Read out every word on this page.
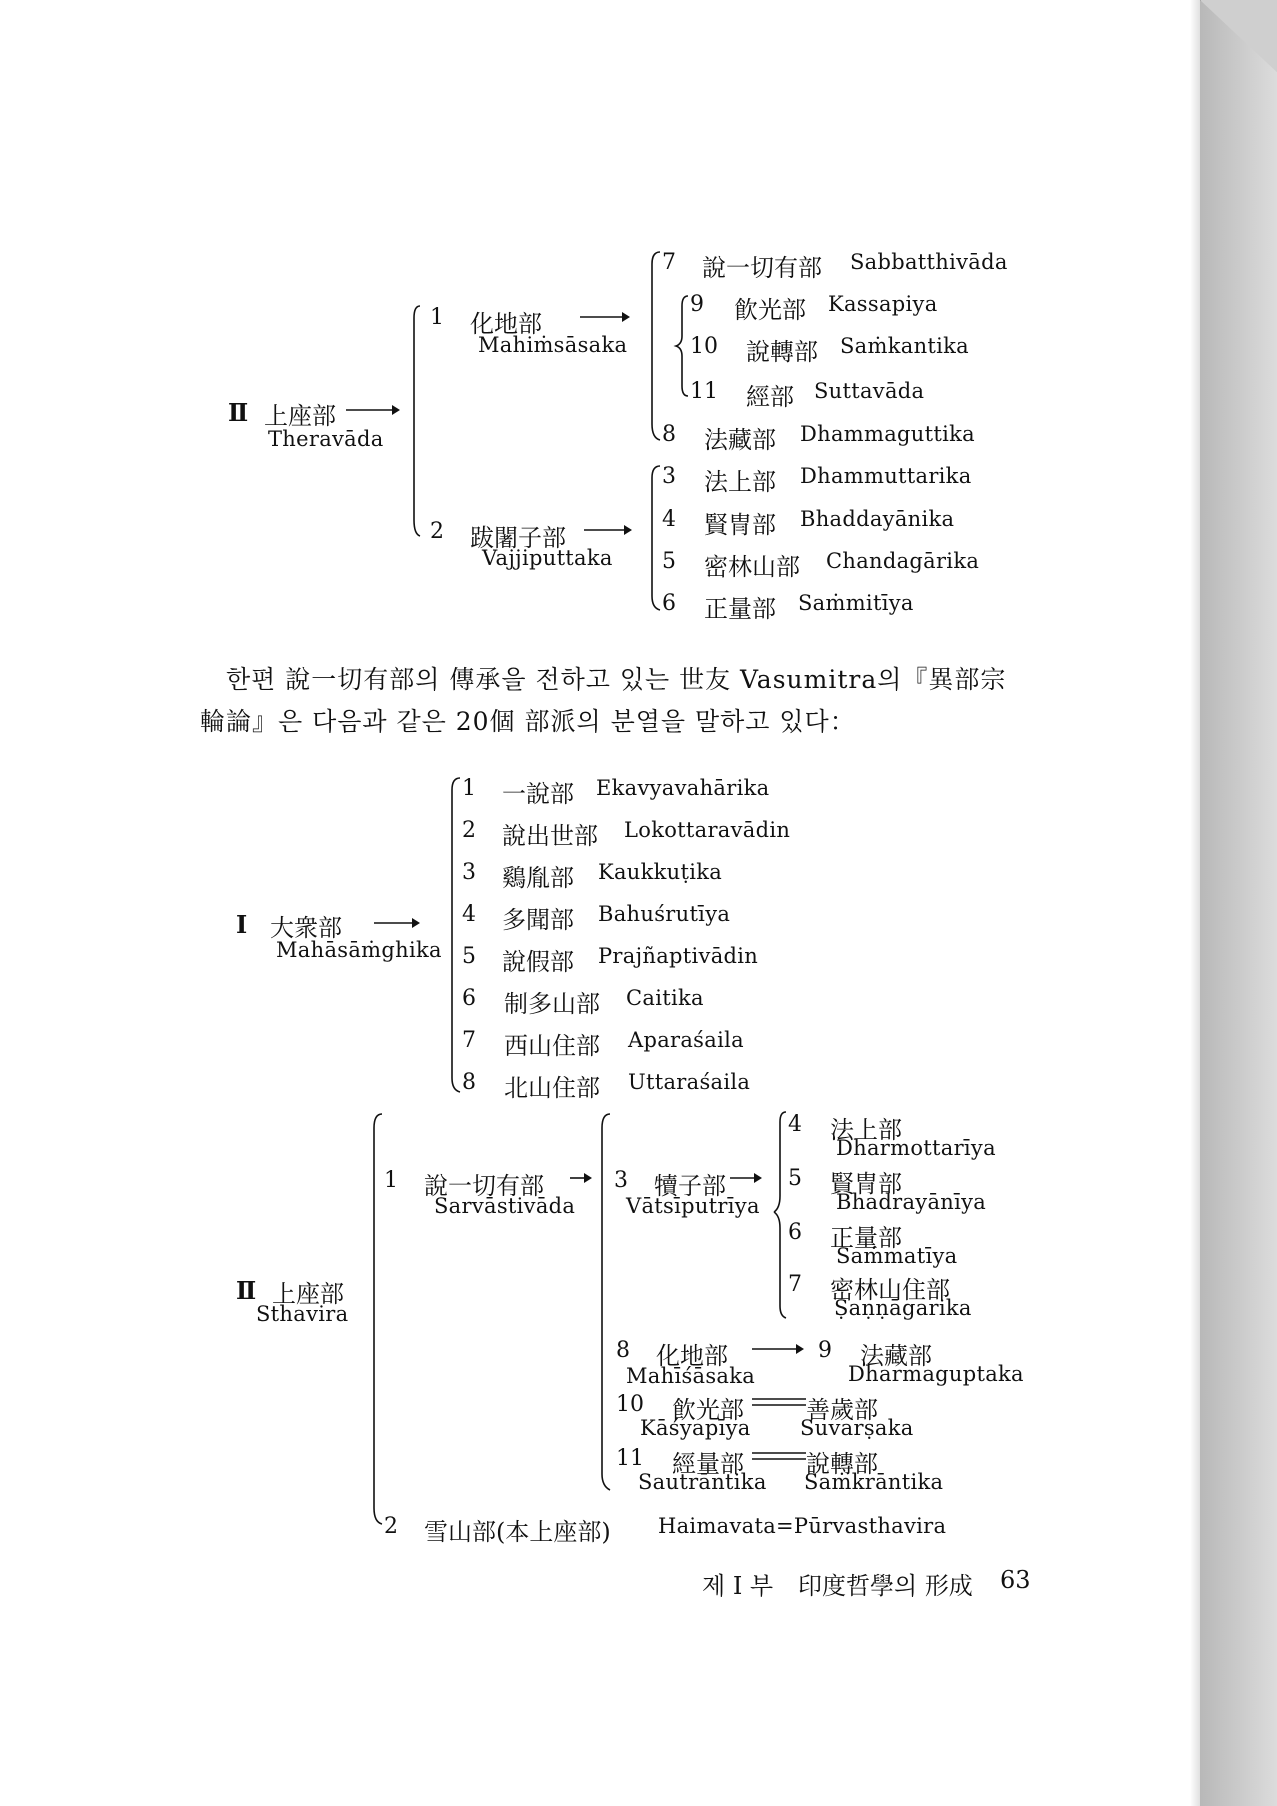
Ⅱ 上座部
Theravāda
1 化地部
Mahiṁsāsaka
2 跋闍子部
Vajjiputtaka
7 說一切有部 Sabbatthivāda
9 飮光部 Kassapiya
10 說轉部 Saṁkantika
11 經部 Suttavāda
8 法藏部 Dhammaguttika
3 法上部 Dhammuttarika
4 賢冑部 Bhaddayānika
5 密林山部 Chandagārika
6 正量部 Saṁmitīya
한편 說一切有部의 傳承을 전하고 있는 世友 Vasumitra의『異部宗
輪論』은 다음과 같은 20個 部派의 분열을 말하고 있다：
Ⅰ 大衆部
Mahāsāṁghika
1 一說部 Ekavyavahārika
2 說出世部 Lokottaravādin
3 鷄胤部 Kaukkuṭika
4 多聞部 Bahuśrutīya
5 說假部 Prajñaptivādin
6 制多山部 Caitika
7 西山住部 Aparaśaila
8 北山住部 Uttaraśaila
Ⅱ 上座部
Sthavira
1 說一切有部
Sarvāstivāda
3 犢子部
Vātsīputrīya
4 法上部
Dharmottarīya
5 賢冑部
Bhadrayānīya
6 正量部
Saṁmatīya
7 密林山住部
Ṣaṇṇāgarika
8 化地部
Mahīśāsaka
9 法藏部
Dharmaguptaka
10 飮光部
Kāśyapīya
善歲部
Suvarṣaka
11 經量部
Sautrāntika
說轉部
Saṁkrāntika
2 雪山部(本上座部) Haimavata=Pūrvasthavira
제 Ⅰ 부 印度哲學의 形成 63
